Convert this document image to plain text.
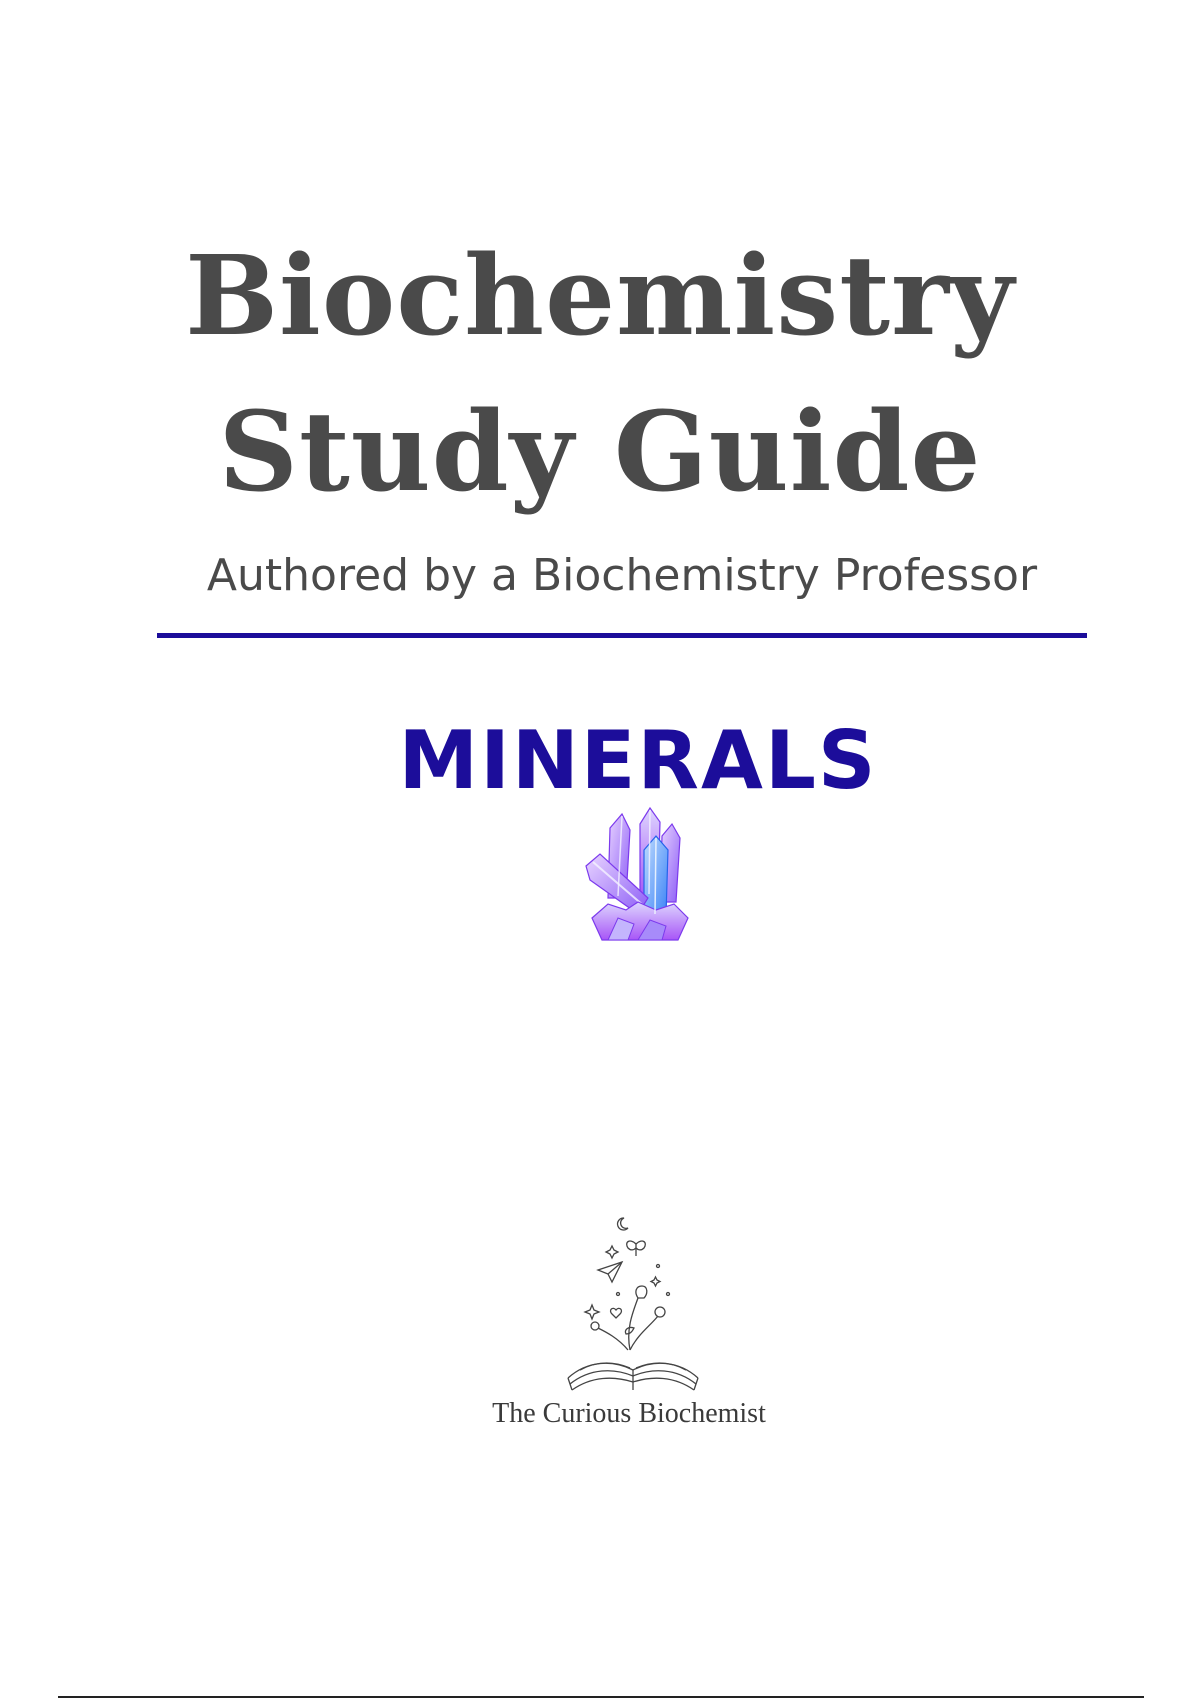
Biochemistry
Study Guide
Authored by a Biochemistry Professor
MINERALS
The Curious Biochemist
